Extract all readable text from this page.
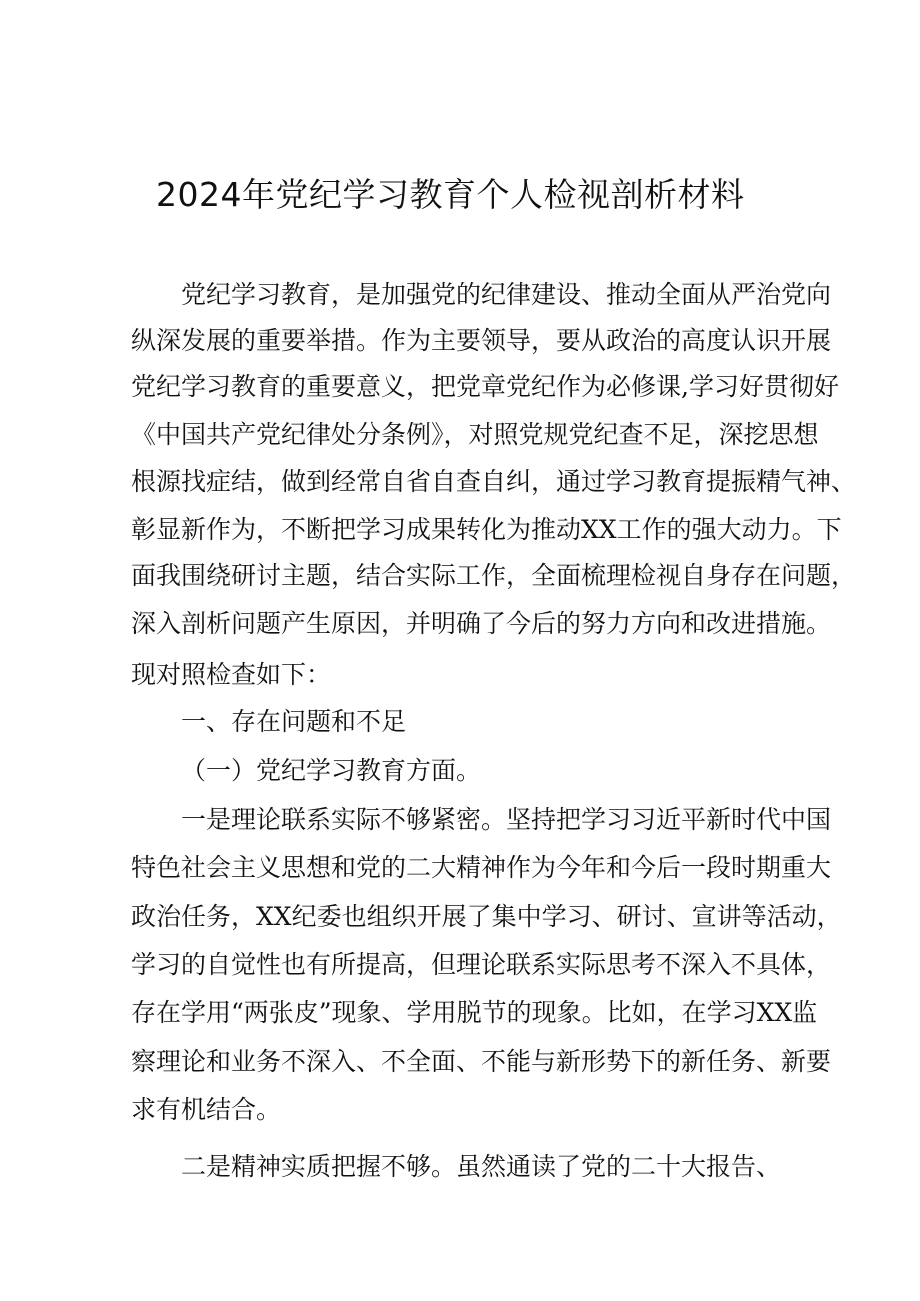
2024年党纪学习教育个人检视剖析材料

党纪学习教育，是加强党的纪律建设、推动全面从严治党向

纵深发展的重要举措。作为主要领导，要从政治的高度认识开展

党纪学习教育的重要意义，把党章党纪作为必修课,学习好贯彻好

《中国共产党纪律处分条例》，对照党规党纪查不足，深挖思想

根源找症结，做到经常自省自查自纠，通过学习教育提振精气神、

彰显新作为，不断把学习成果转化为推动XX工作的强大动力。下

面我围绕研讨主题，结合实际工作，全面梳理检视自身存在问题，

深入剖析问题产生原因，并明确了今后的努力方向和改进措施。

现对照检查如下：

一、存在问题和不足

（一）党纪学习教育方面。

一是理论联系实际不够紧密。坚持把学习习近平新时代中国

特色社会主义思想和党的二大精神作为今年和今后一段时期重大

政治任务，XX纪委也组织开展了集中学习、研讨、宣讲等活动，

学习的自觉性也有所提高，但理论联系实际思考不深入不具体，

存在学用“两张皮”现象、学用脱节的现象。比如，在学习XX监

察理论和业务不深入、不全面、不能与新形势下的新任务、新要

求有机结合。

二是精神实质把握不够。虽然通读了党的二十大报告、
